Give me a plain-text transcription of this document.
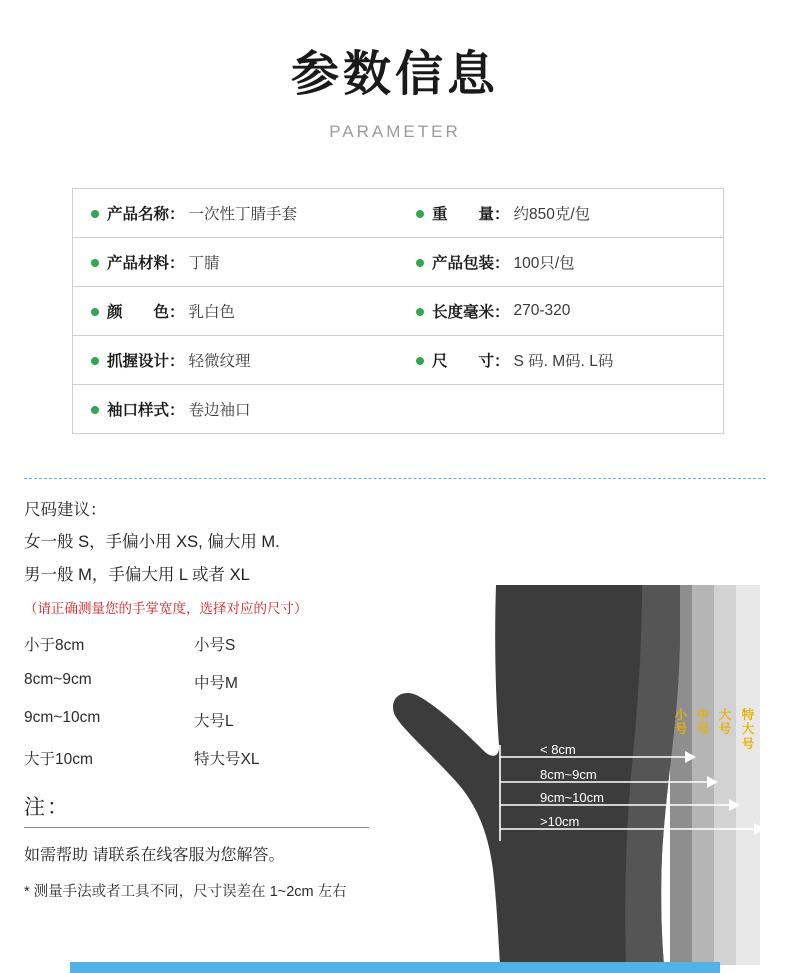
参数信息
PARAMETER
产品名称： 一次性丁腈手套	重　　量： 约850克/包
产品材料： 丁腈	产品包装： 100只/包
颜　　色： 乳白色	长度毫米： 270-320
抓握设计： 轻微纹理	尺　　寸： S 码. M码. L码
袖口样式： 卷边袖口
< 8cm
8cm~9cm
9cm~10cm
>10cm
小号
中号
大号
特大号
尺码建议：
女一般 S，手偏小用 XS, 偏大用 M.
男一般 M，手偏大用 L 或者 XL
（请正确测量您的手掌宽度，选择对应的尺寸）
小于8cm	小号S
8cm~9cm	中号M
9cm~10cm	大号L
大于10cm	特大号XL
注：
如需帮助 请联系在线客服为您解答。
* 测量手法或者工具不同，尺寸误差在 1~2cm 左右
